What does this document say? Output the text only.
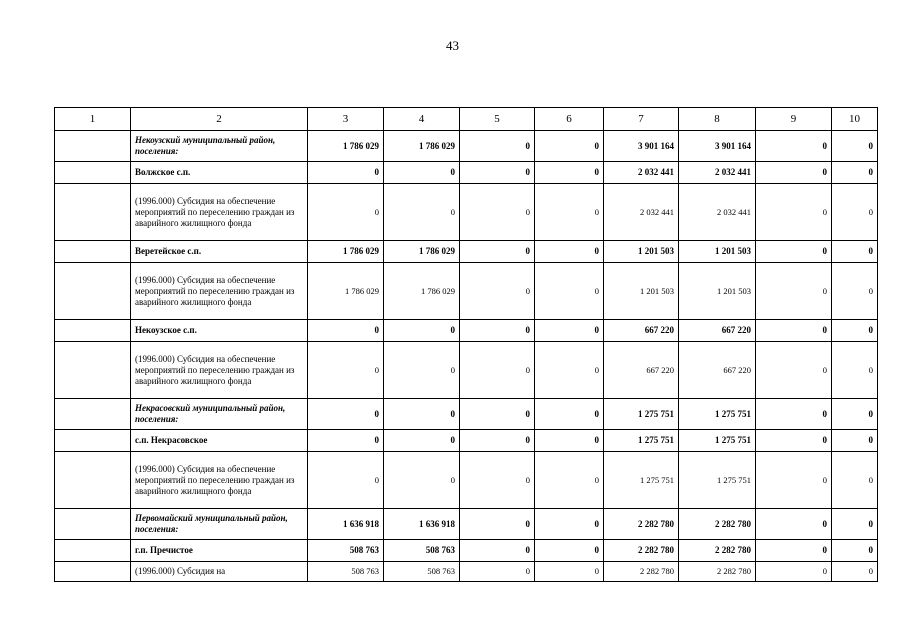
43
1	2	3	4	5	6	7	8	9	10
	Некоузский муниципальный район, поселения:	1 786 029	1 786 029	0	0	3 901 164	3 901 164	0	0
	Волжское с.п.	0	0	0	0	2 032 441	2 032 441	0	0
	(1996.000) Субсидия на обеспечение мероприятий по переселению граждан из аварийного жилищного фонда	0	0	0	0	2 032 441	2 032 441	0	0
	Веретейское с.п.	1 786 029	1 786 029	0	0	1 201 503	1 201 503	0	0
	(1996.000) Субсидия на обеспечение мероприятий по переселению граждан из аварийного жилищного фонда	1 786 029	1 786 029	0	0	1 201 503	1 201 503	0	0
	Некоузское с.п.	0	0	0	0	667 220	667 220	0	0
	(1996.000) Субсидия на обеспечение мероприятий по переселению граждан из аварийного жилищного фонда	0	0	0	0	667 220	667 220	0	0
	Некрасовский муниципальный район, поселения:	0	0	0	0	1 275 751	1 275 751	0	0
	с.п. Некрасовское	0	0	0	0	1 275 751	1 275 751	0	0
	(1996.000) Субсидия на обеспечение мероприятий по переселению граждан из аварийного жилищного фонда	0	0	0	0	1 275 751	1 275 751	0	0
	Первомайский муниципальный район, поселения:	1 636 918	1 636 918	0	0	2 282 780	2 282 780	0	0
	г.п. Пречистое	508 763	508 763	0	0	2 282 780	2 282 780	0	0
	(1996.000) Субсидия на	508 763	508 763	0	0	2 282 780	2 282 780	0	0
